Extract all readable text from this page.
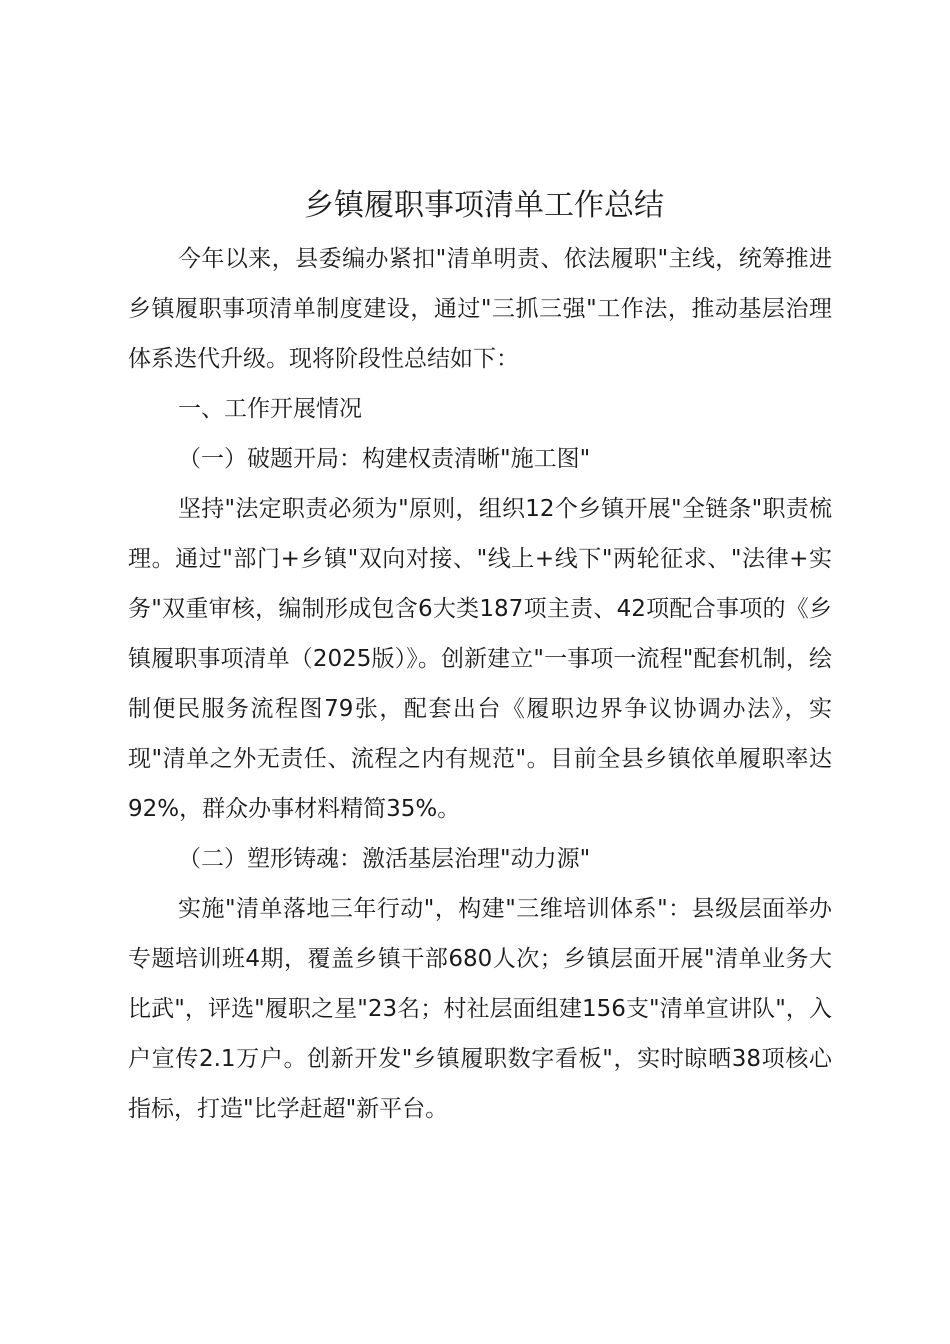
乡镇履职事项清单工作总结

今年以来，县委编办紧扣"清单明责、依法履职"主线，统筹推进乡镇履职事项清单制度建设，通过"三抓三强"工作法，推动基层治理体系迭代升级。现将阶段性总结如下：

一、工作开展情况

（一）破题开局：构建权责清晰"施工图"

坚持"法定职责必须为"原则，组织12个乡镇开展"全链条"职责梳理。通过"部门+乡镇"双向对接、"线上+线下"两轮征求、"法律+实务"双重审核，编制形成包含6大类187项主责、42项配合事项的《乡镇履职事项清单（2025版）》。创新建立"一事项一流程"配套机制，绘制便民服务流程图79张，配套出台《履职边界争议协调办法》，实现"清单之外无责任、流程之内有规范"。目前全县乡镇依单履职率达92%，群众办事材料精简35%。

（二）塑形铸魂：激活基层治理"动力源"

实施"清单落地三年行动"，构建"三维培训体系"：县级层面举办专题培训班4期，覆盖乡镇干部680人次；乡镇层面开展"清单业务大比武"，评选"履职之星"23名；村社层面组建156支"清单宣讲队"，入户宣传2.1万户。创新开发"乡镇履职数字看板"，实时晾晒38项核心指标，打造"比学赶超"新平台。
